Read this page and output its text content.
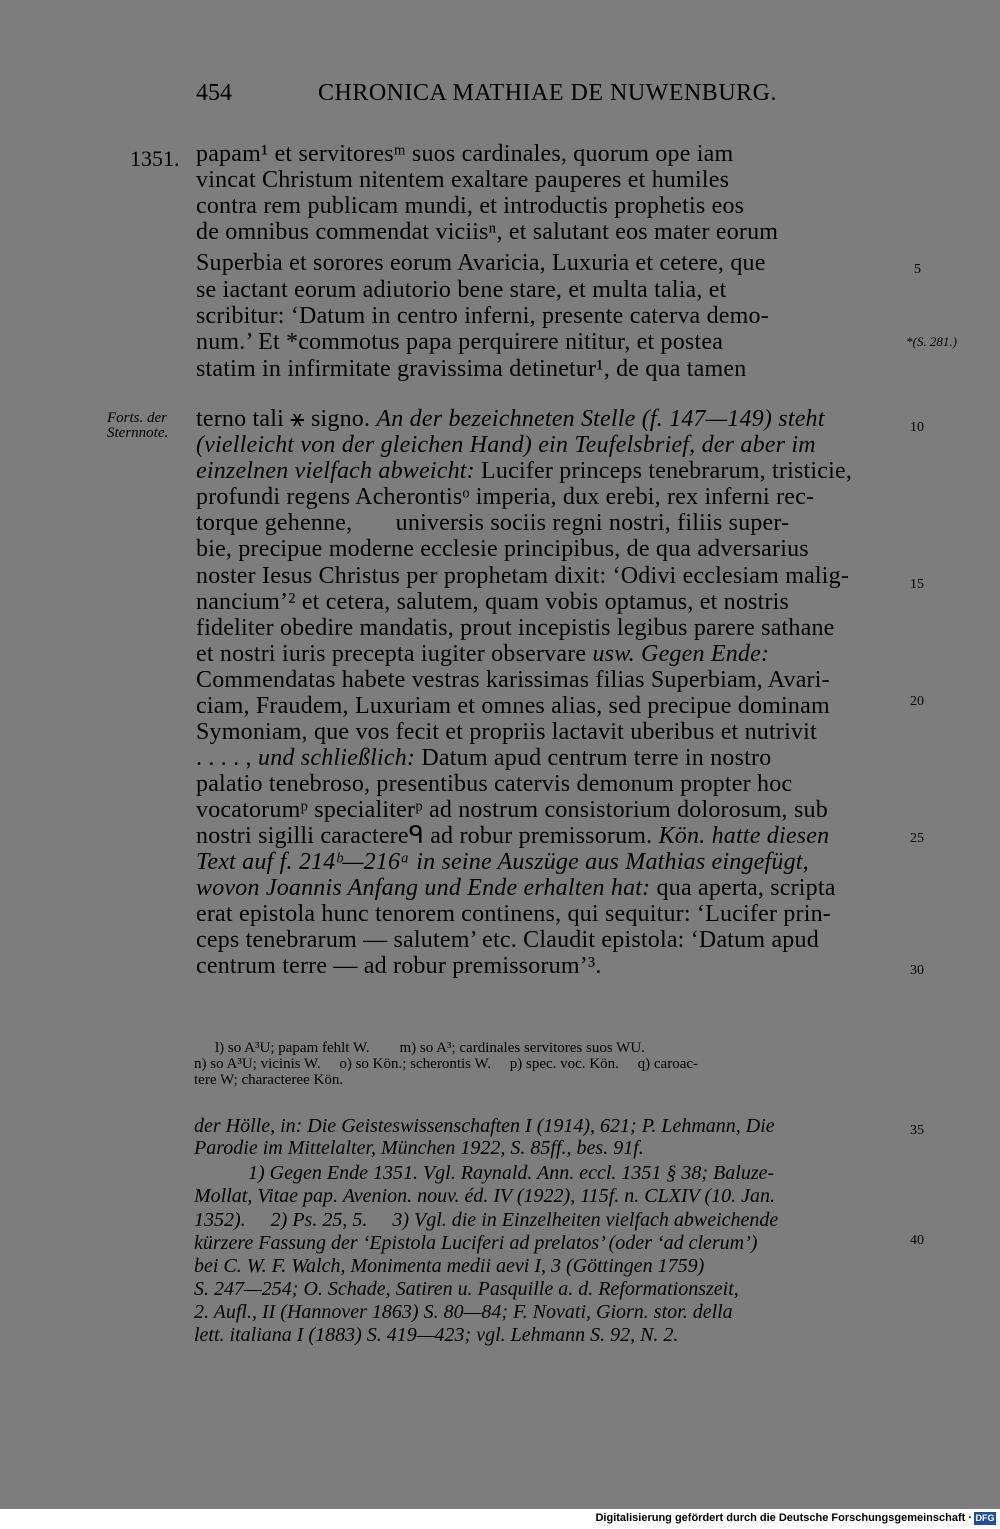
454	CHRONICA MATHIAE DE NUWENBURG.
1351.
Forts. der
Sternnote.
*(S. 281.)
papam¹ et servitoresᵐ suos cardinales, quorum ope iam
vincat Christum nitentem exaltare pauperes et humiles
contra rem publicam mundi, et introductis prophetis eos
de omnibus commendat viciisⁿ, et salutant eos mater eorum
Superbia et sorores eorum Avaricia, Luxuria et cetere, que
se iactant eorum adiutorio bene stare, et multa talia, et
scribitur: ‘Datum in centro inferni, presente caterva demo-
num.’ Et *commotus papa perquirere nititur, et postea
statim in infirmitate gravissima detinetur¹, de qua tamen
terno tali ⚹ signo. An der bezeichneten Stelle (f. 147—149) steht
(vielleicht von der gleichen Hand) ein Teufelsbrief, der aber im
einzelnen vielfach abweicht: Lucifer princeps tenebrarum, tristicie,
profundi regens Acherontisᵒ imperia, dux erebi, rex inferni rec-
torque gehenne,       universis sociis regni nostri, filiis super-
bie, precipue moderne ecclesie principibus, de qua adversarius
noster Iesus Christus per prophetam dixit: ‘Odivi ecclesiam malig-
nancium’² et cetera, salutem, quam vobis optamus, et nostris
fideliter obedire mandatis, prout incepistis legibus parere sathane
et nostri iuris precepta iugiter observare usw. Gegen Ende:
Commendatas habete vestras karissimas filias Superbiam, Avari-
ciam, Fraudem, Luxuriam et omnes alias, sed precipue dominam
Symoniam, que vos fecit et propriis lactavit uberibus et nutrivit
. . . . , und schließlich: Datum apud centrum terre in nostro
palatio tenebroso, presentibus catervis demonum propter hoc
vocatorumᵖ specialiterᵖ ad nostrum consistorium dolorosum, sub
nostri sigilli caractereᑫ ad robur premissorum. Kön. hatte diesen
Text auf f. 214ᵇ—216ᵃ in seine Auszüge aus Mathias eingefügt,
wovon Joannis Anfang und Ende erhalten hat: qua aperta, scripta
erat epistola hunc tenorem continens, qui sequitur: ‘Lucifer prin-
ceps tenebrarum — salutem’ etc. Claudit epistola: ‘Datum apud
centrum terre — ad robur premissorum’³.
5
10
15
20
25
30
35
40
l) so A³U; papam fehlt W.        m) so A³; cardinales servitores suos WU.
n) so A³U; vicinis W.     o) so Kön.; scherontis W.     p) spec. voc. Kön.     q) caroac-
tere W; characteree Kön.
der Hölle, in: Die Geisteswissenschaften I (1914), 621; P. Lehmann, Die
Parodie im Mittelalter, München 1922, S. 85ff., bes. 91f.
1) Gegen Ende 1351. Vgl. Raynald. Ann. eccl. 1351 § 38; Baluze-
Mollat, Vitae pap. Avenion. nouv. éd. IV (1922), 115f. n. CLXIV (10. Jan.
1352).     2) Ps. 25, 5.     3) Vgl. die in Einzelheiten vielfach abweichende
kürzere Fassung der ‘Epistola Luciferi ad prelatos’ (oder ‘ad clerum’)
bei C. W. F. Walch, Monimenta medii aevi I, 3 (Göttingen 1759)
S. 247—254; O. Schade, Satiren u. Pasquille a. d. Reformationszeit,
2. Aufl., II (Hannover 1863) S. 80—84; F. Novati, Giorn. stor. della
lett. italiana I (1883) S. 419—423; vgl. Lehmann S. 92, N. 2.
Digitalisierung gefördert durch die Deutsche Forschungsgemeinschaft · DFG
